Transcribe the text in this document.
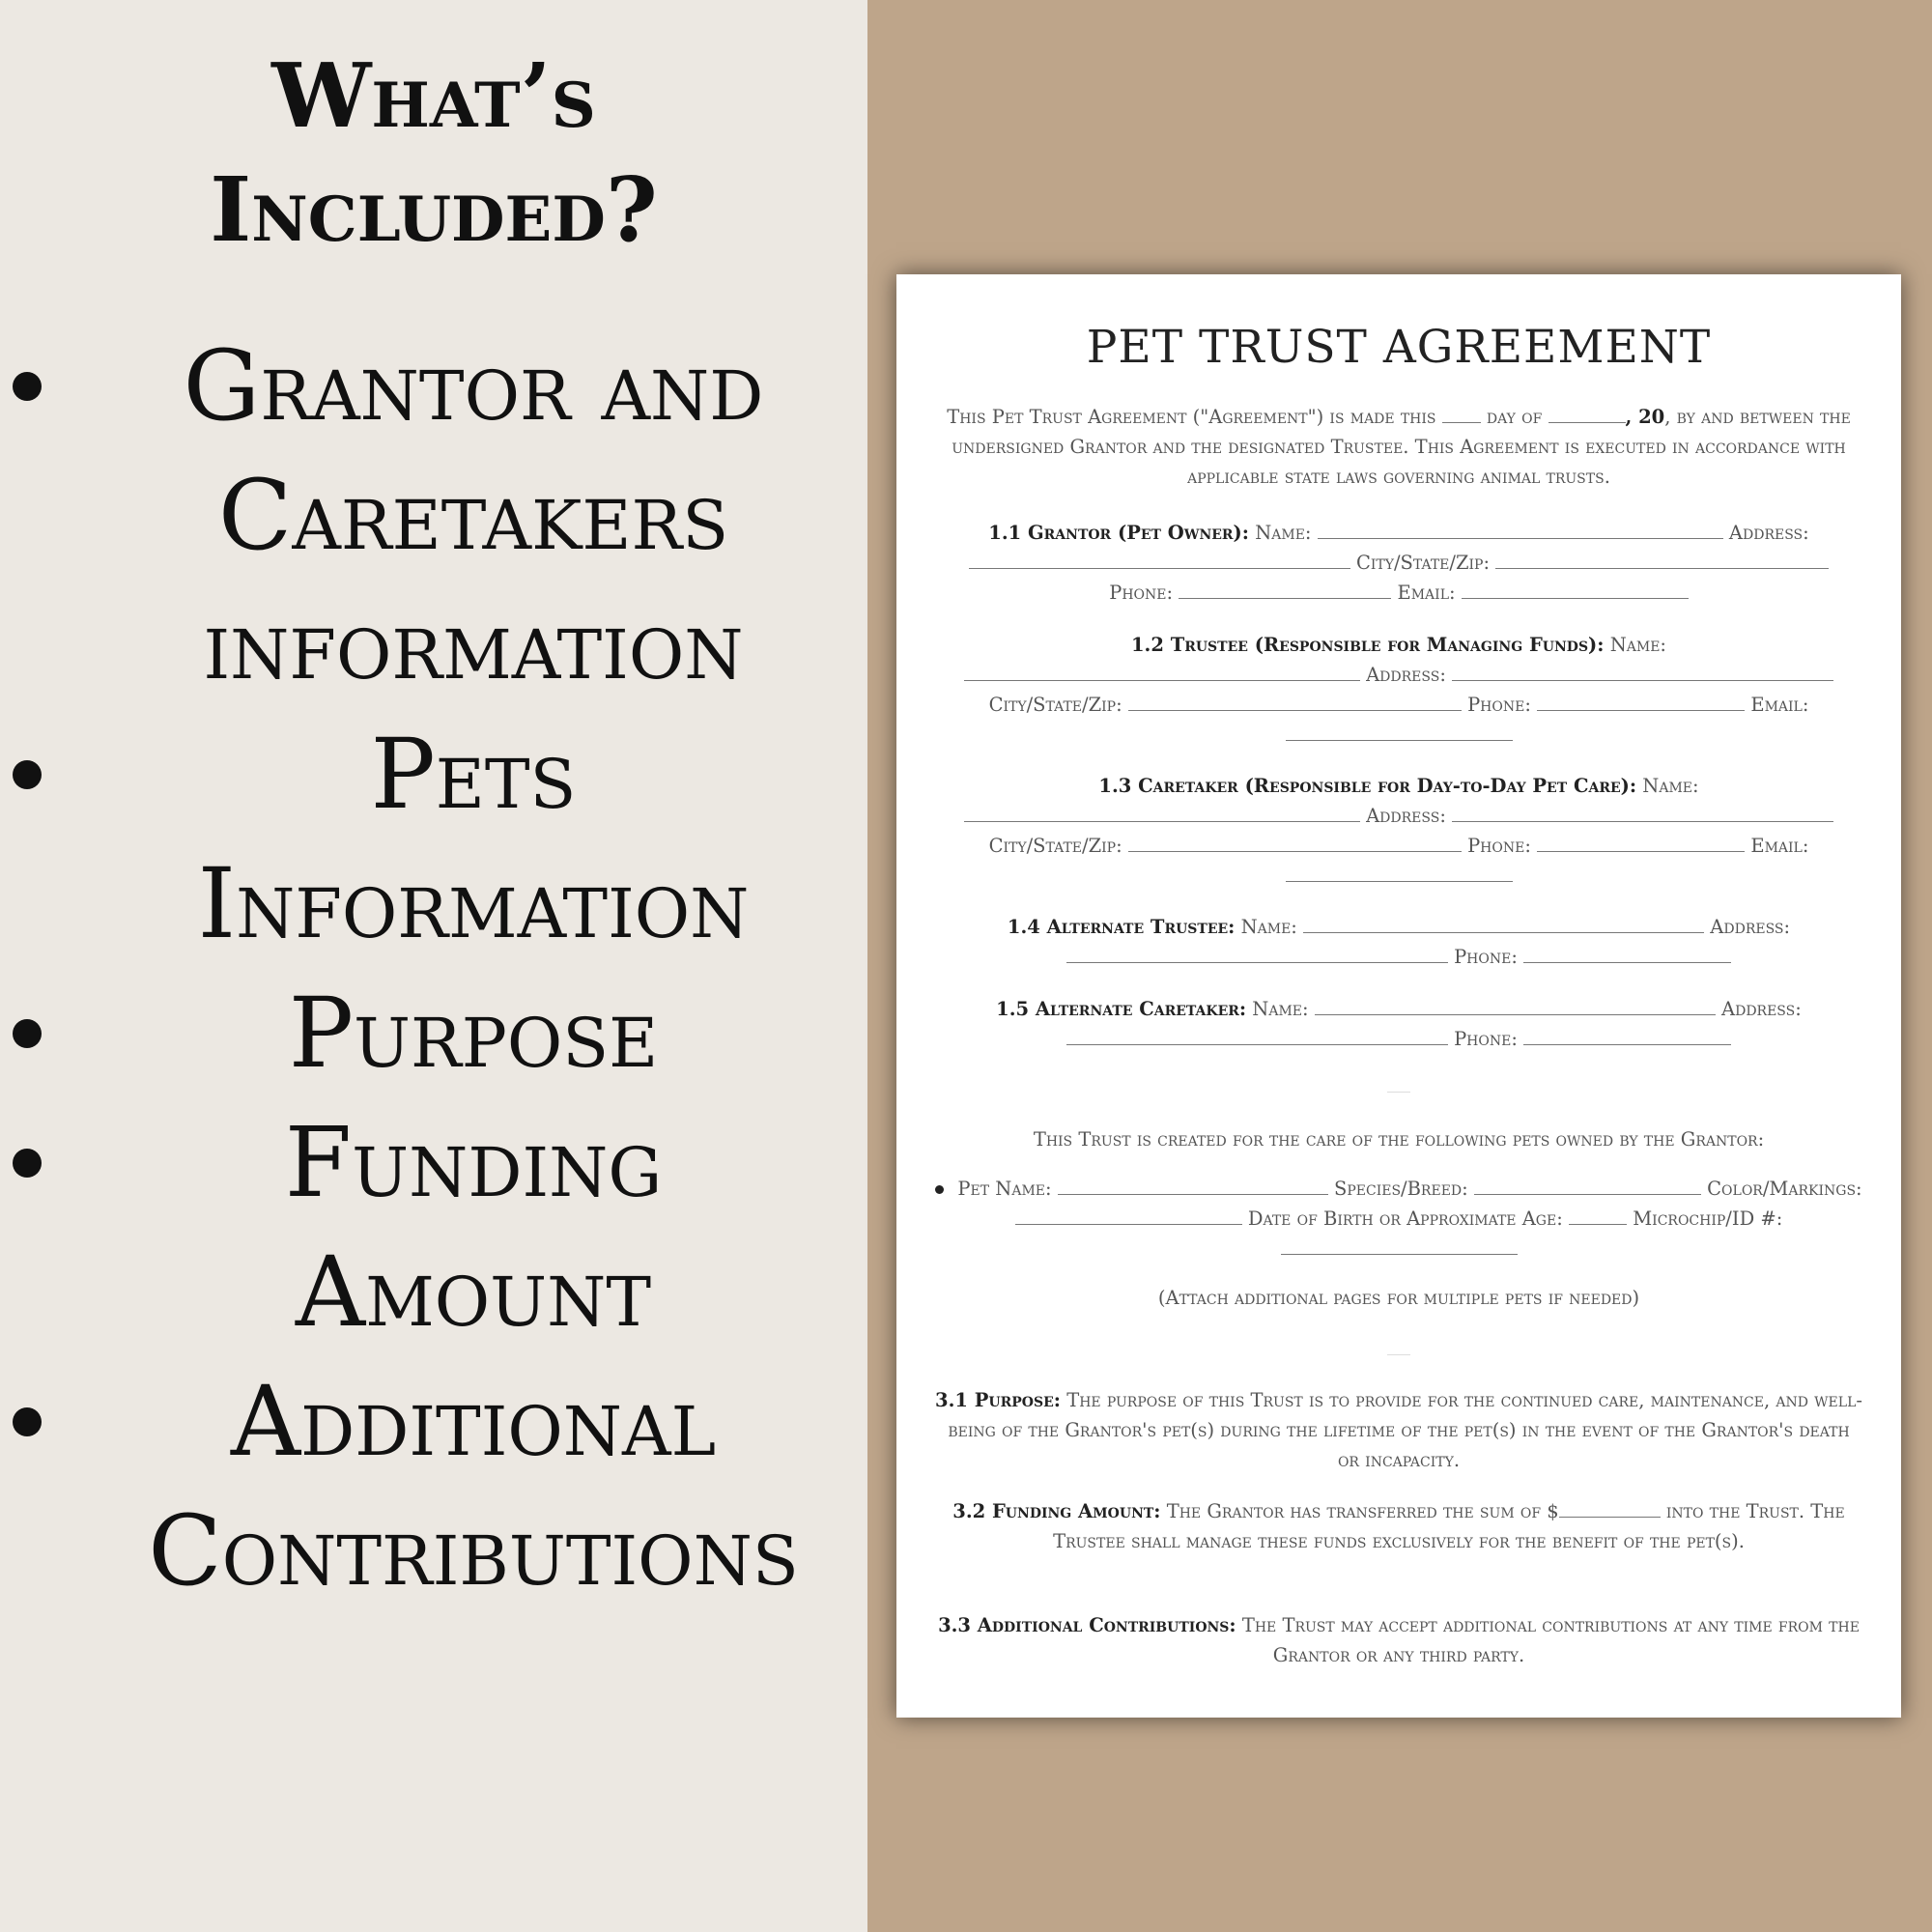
What’s
Included?
Grantor and
Caretakers
information
Pets
Information
Purpose
Funding
Amount
Additional
Contributions
PET TRUST AGREEMENT
This Pet Trust Agreement ("Agreement") is made this	day of	, 20, by and between the undersigned Grantor and the designated Trustee. This Agreement is executed in accordance with applicable state laws governing animal trusts.
1.1 Grantor (Pet Owner): Name:	Address:  City/State/Zip:  Phone:	Email:
1.2 Trustee (Responsible for Managing Funds): Name:  Address:  City/State/Zip:	Phone:	Email:
1.3 Caretaker (Responsible for Day-to-Day Pet Care): Name:  Address:  City/State/Zip:	Phone:	Email:
1.4 Alternate Trustee: Name:	Address:  Phone:
1.5 Alternate Caretaker: Name:	Address:  Phone:
This Trust is created for the care of the following pets owned by the Grantor:
Pet Name:	Species/Breed:	Color/Markings:  Date of Birth or Approximate Age:	Microchip/ID #:
(Attach additional pages for multiple pets if needed)
3.1 Purpose: The purpose of this Trust is to provide for the continued care, maintenance, and well-being of the Grantor's pet(s) during the lifetime of the pet(s) in the event of the Grantor's death or incapacity.
3.2 Funding Amount: The Grantor has transferred the sum of $	into the Trust. The Trustee shall manage these funds exclusively for the benefit of the pet(s).
3.3 Additional Contributions: The Trust may accept additional contributions at any time from the Grantor or any third party.
